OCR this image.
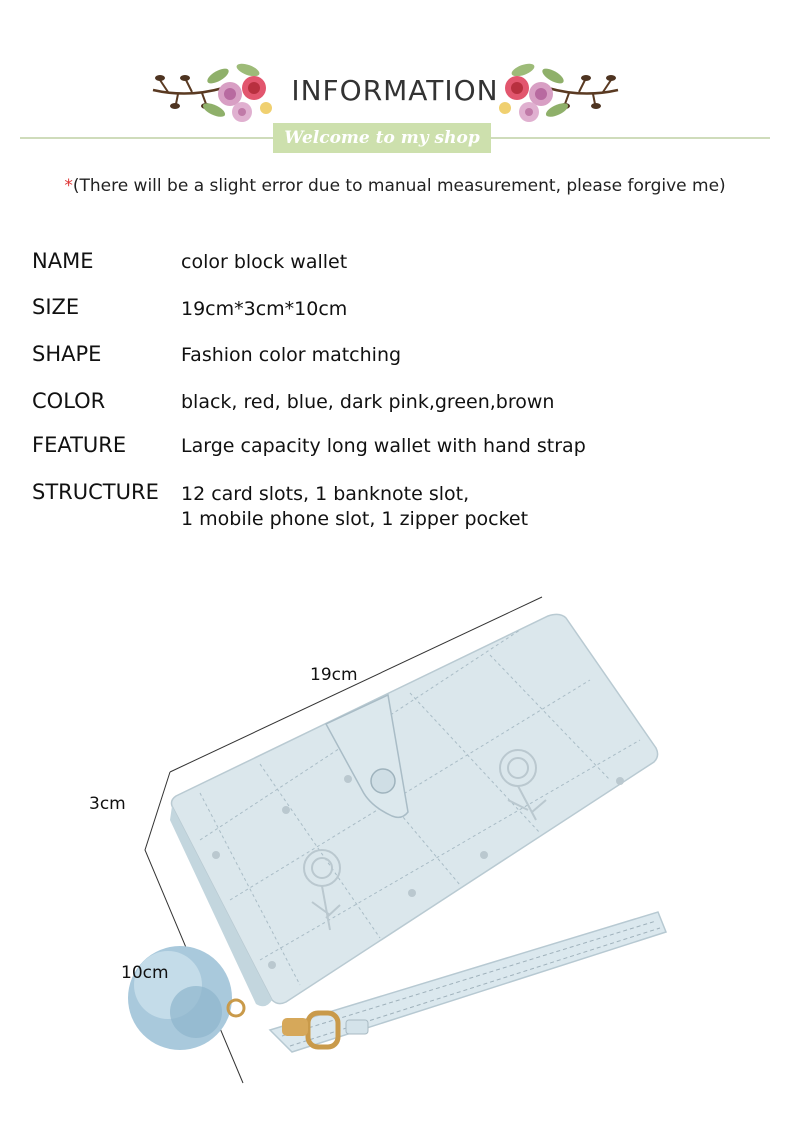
INFORMATION
Welcome to my shop
*(There will be a slight error due to manual measurement, please forgive me)
NAME	color block wallet
SIZE	19cm*3cm*10cm
SHAPE	Fashion color matching
COLOR	black, red, blue, dark pink,green,brown
FEATURE	Large capacity long wallet with hand strap
STRUCTURE 12 card slots, 1 banknote slot,
1 mobile phone slot, 1 zipper pocket
19cm
3cm
10cm
